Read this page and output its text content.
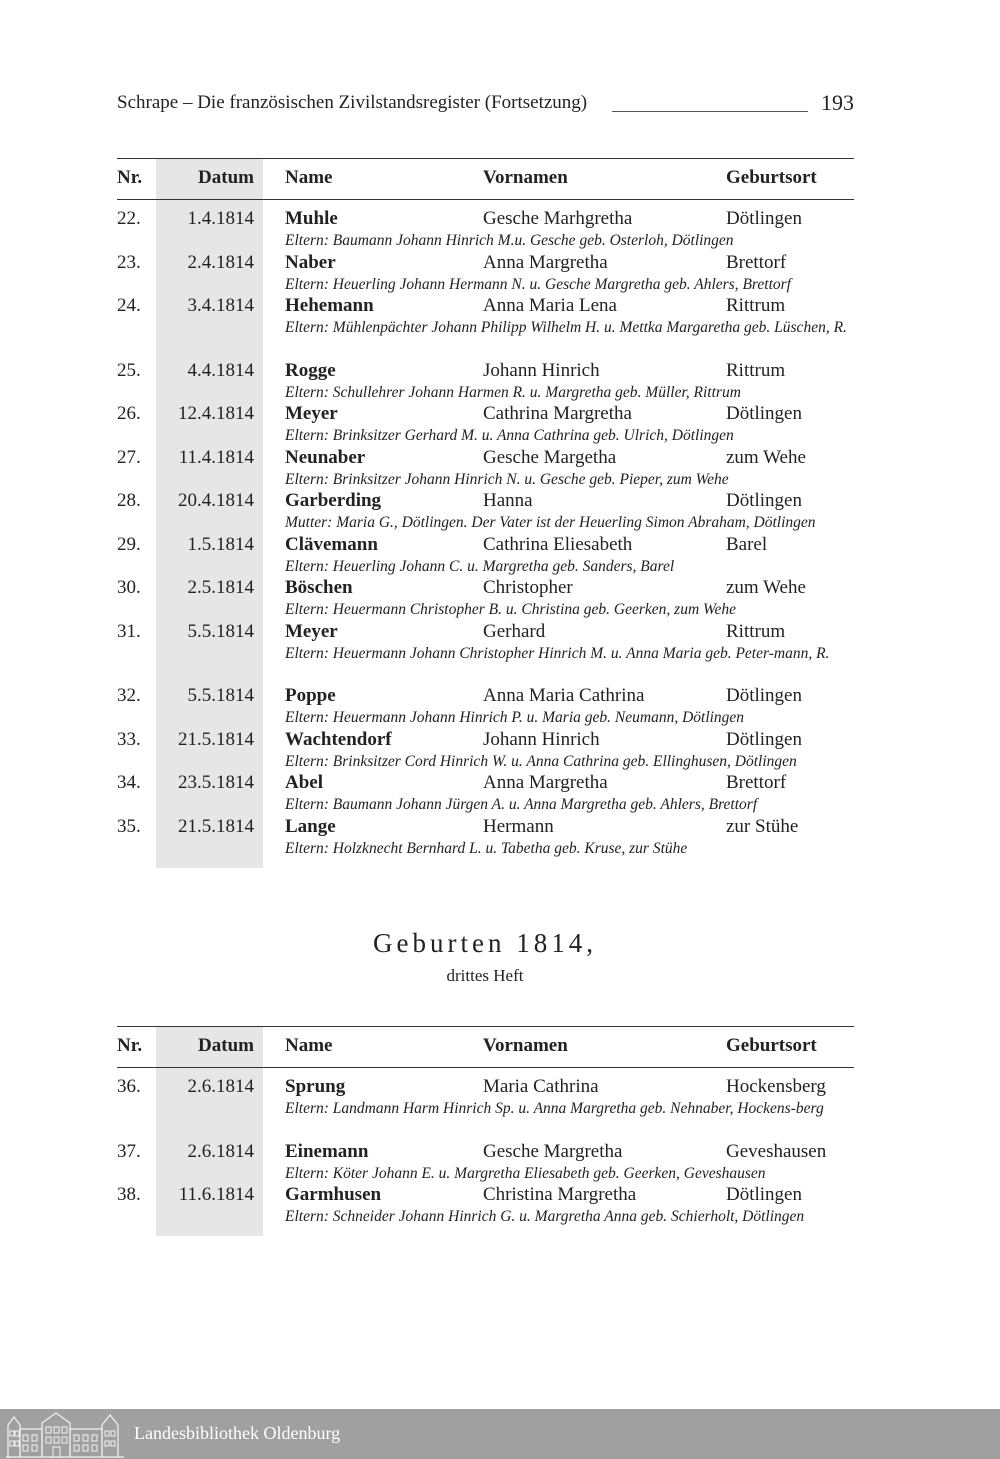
Schrape – Die französischen Zivilstandsregister (Fortsetzung)	193
Nr.	Datum Name	Vornamen	Geburtsort
22.	1.4.1814 Muhle	Gesche Marhgretha	Dötlingen
Eltern: Baumann Johann Hinrich M.u. Gesche geb. Osterloh, Dötlingen
23.	2.4.1814 Naber	Anna Margretha	Brettorf
Eltern: Heuerling Johann Hermann N. u. Gesche Margretha geb. Ahlers, Brettorf
24.	3.4.1814 Hehemann	Anna Maria Lena	Rittrum
Eltern: Mühlenpächter Johann Philipp Wilhelm H. u. Mettka Margaretha geb. Lüschen, R.
25.	4.4.1814 Rogge	Johann Hinrich	Rittrum
Eltern: Schullehrer Johann Harmen R. u. Margretha geb. Müller, Rittrum
26.	12.4.1814 Meyer	Cathrina Margretha	Dötlingen
Eltern: Brinksitzer Gerhard M. u. Anna Cathrina geb. Ulrich, Dötlingen
27.	11.4.1814 Neunaber	Gesche Margetha	zum Wehe
Eltern: Brinksitzer Johann Hinrich N. u. Gesche geb. Pieper, zum Wehe
28.	20.4.1814 Garberding	Hanna	Dötlingen
Mutter: Maria G., Dötlingen. Der Vater ist der Heuerling Simon Abraham, Dötlingen
29.	1.5.1814 Clävemann	Cathrina Eliesabeth	Barel
Eltern: Heuerling Johann C. u. Margretha geb. Sanders, Barel
30.	2.5.1814 Böschen	Christopher	zum Wehe
Eltern: Heuermann Christopher B. u. Christina geb. Geerken, zum Wehe
31.	5.5.1814 Meyer	Gerhard	Rittrum
Eltern: Heuermann Johann Christopher Hinrich M. u. Anna Maria geb. Peter-mann, R.
32.	5.5.1814 Poppe	Anna Maria Cathrina	Dötlingen
Eltern: Heuermann Johann Hinrich P. u. Maria geb. Neumann, Dötlingen
33.	21.5.1814 Wachtendorf	Johann Hinrich	Dötlingen
Eltern: Brinksitzer Cord Hinrich W. u. Anna Cathrina geb. Ellinghusen, Dötlingen
34.	23.5.1814 Abel	Anna Margretha	Brettorf
Eltern: Baumann Johann Jürgen A. u. Anna Margretha geb. Ahlers, Brettorf
35.	21.5.1814 Lange	Hermann	zur Stühe
Eltern: Holzknecht Bernhard L. u. Tabetha geb. Kruse, zur Stühe
Geburten 1814,
drittes Heft
Nr.	Datum Name	Vornamen	Geburtsort
36.	2.6.1814 Sprung	Maria Cathrina	Hockensberg
Eltern: Landmann Harm Hinrich Sp. u. Anna Margretha geb. Nehnaber, Hockens-berg
37.	2.6.1814 Einemann	Gesche Margretha	Geveshausen
Eltern: Köter Johann E. u. Margretha Eliesabeth geb. Geerken, Geveshausen
38.	11.6.1814 Garmhusen	Christina Margretha	Dötlingen
Eltern: Schneider Johann Hinrich G. u. Margretha Anna geb. Schierholt, Dötlingen
Landesbibliothek Oldenburg
